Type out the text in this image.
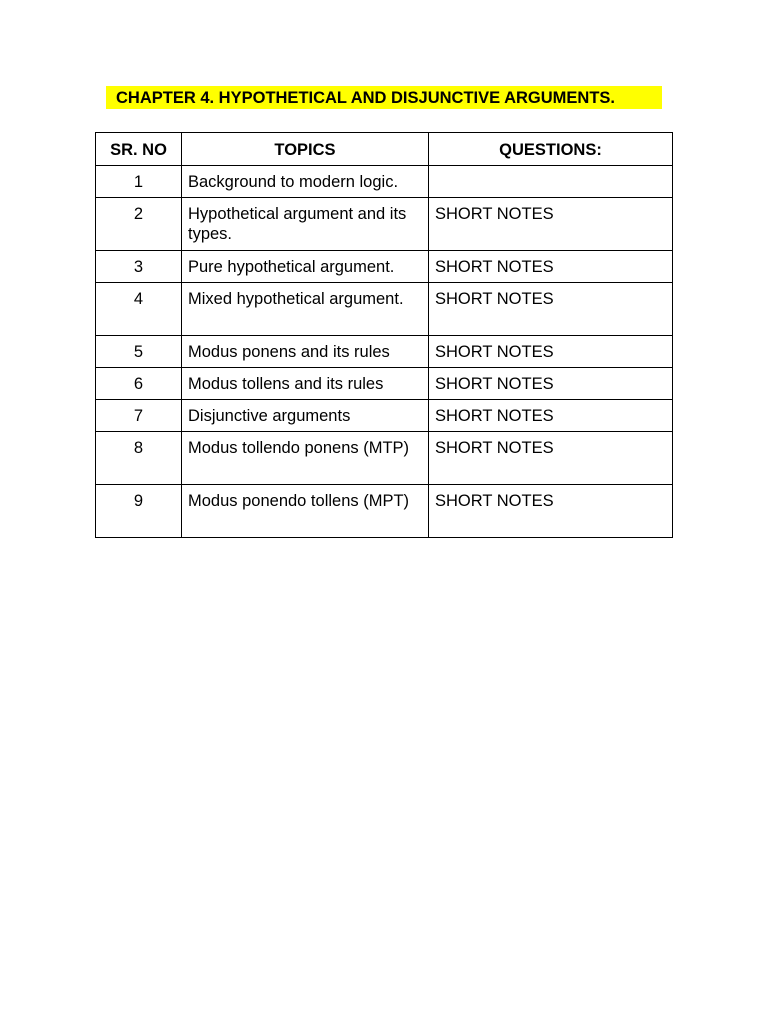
CHAPTER 4. HYPOTHETICAL AND DISJUNCTIVE ARGUMENTS.
SR. NO	TOPICS	QUESTIONS:
1	Background to modern logic.	
2	Hypothetical argument and its types.	SHORT NOTES
3	Pure hypothetical argument.	SHORT NOTES
4	Mixed hypothetical argument.	SHORT NOTES
5	Modus ponens and its rules	SHORT NOTES
6	Modus tollens and its rules	SHORT NOTES
7	Disjunctive arguments	SHORT NOTES
8	Modus tollendo ponens (MTP)	SHORT NOTES
9	Modus ponendo tollens (MPT)	SHORT NOTES
